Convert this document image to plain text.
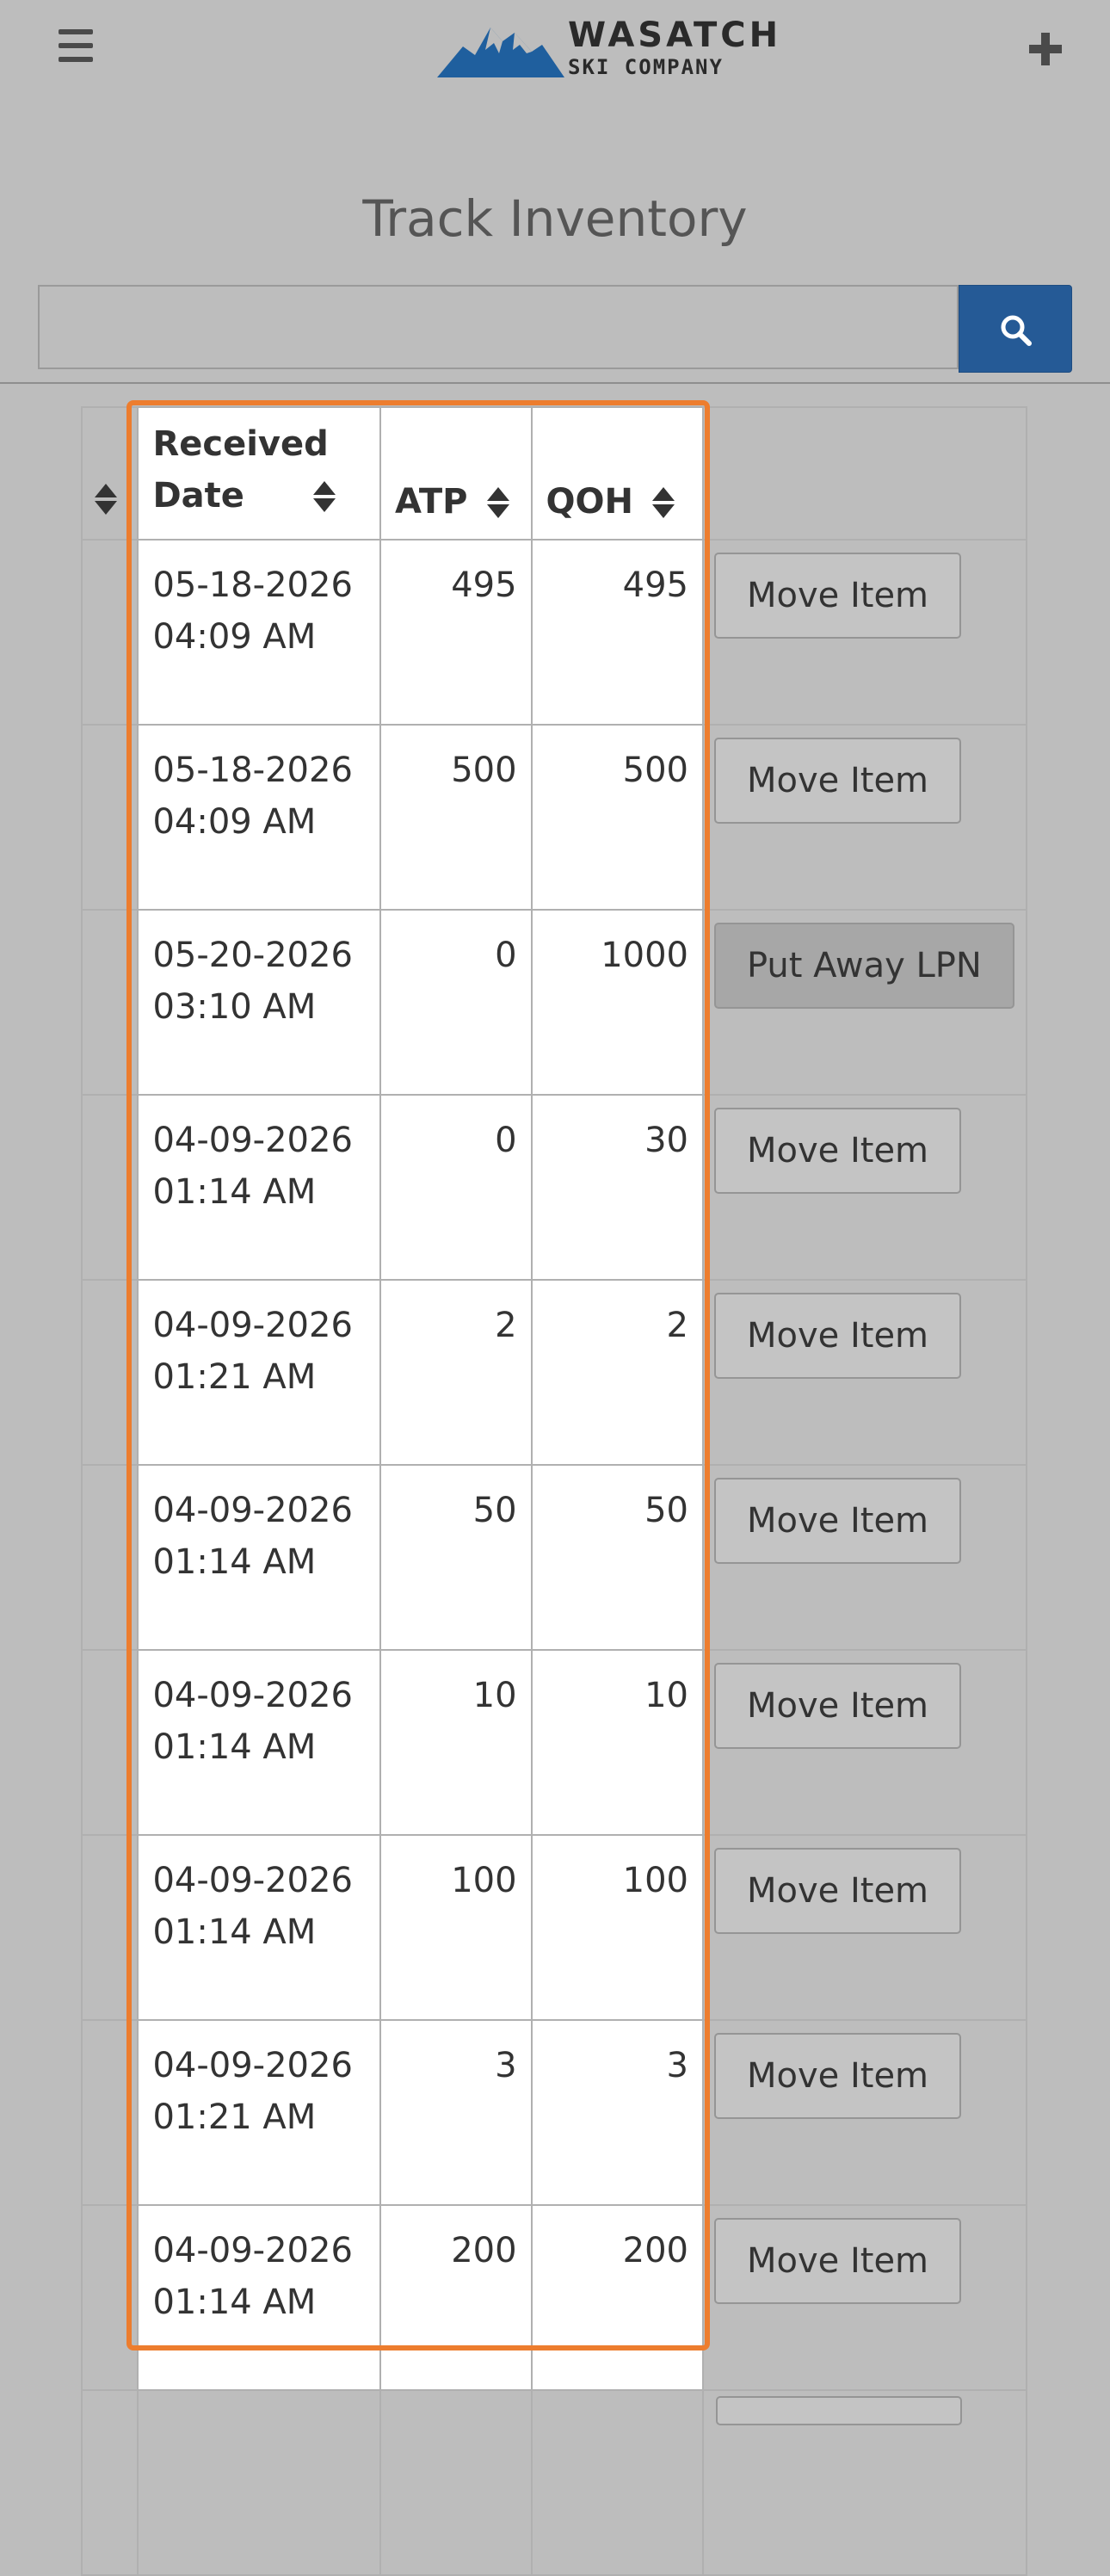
WASATCH
SKI COMPANY
Track Inventory

	Received
Date	ATP	QOH	

	05-18-2026
04:09 AM	495	495	Move Item

	05-18-2026
04:09 AM	500	500	Move Item

	05-20-2026
03:10 AM	0	1000	Put Away LPN

	04-09-2026
01:14 AM	0	30	Move Item

	04-09-2026
01:21 AM	2	2	Move Item

	04-09-2026
01:14 AM	50	50	Move Item

	04-09-2026
01:14 AM	10	10	Move Item

	04-09-2026
01:14 AM	100	100	Move Item

	04-09-2026
01:21 AM	3	3	Move Item

	04-09-2026
01:14 AM	200	200	Move Item
